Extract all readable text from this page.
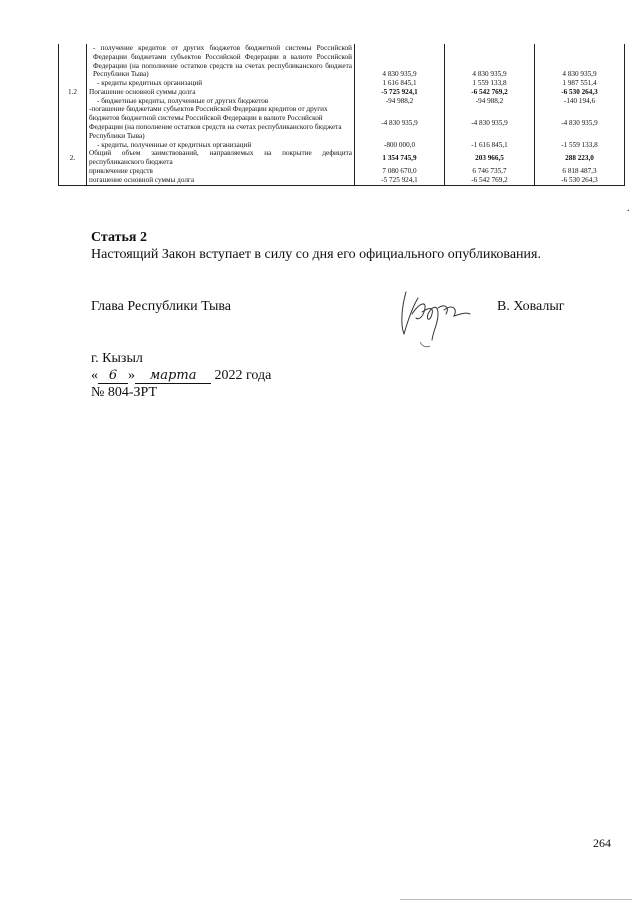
	- получение кредитов от других бюджетов бюджетной системы Российской Федерации бюджетами субъектов Российской Федерации в валюте Российской Федерации (на пополнение остатков средств на счетах республиканского бюджета Республики Тыва)	4 830 935,9	4 830 935,9	4 830 935,9
	- кредиты кредитных организаций	1 616 845,1	1 559 133,8	1 987 551,4
1.2	Погашение основной суммы долга	-5 725 924,1	-6 542 769,2	-6 530 264,3
	- бюджетные кредиты, полученные от других бюджетов	-94 988,2	-94 988,2	-140 194,6
	-погашение бюджетами субъектов Российской Федерации кредитов от других бюджетов бюджетной системы Российской Федерации в валюте Российской Федерации (на пополнение остатков средств на счетах республиканского бюджета Республики Тыва)	-4 830 935,9	-4 830 935,9	-4 830 935,9
	- кредиты, полученные от кредитных организаций	-800 000,0	-1 616 845,1	-1 559 133,8
2.	Общий объем заимствований, направляемых на покрытие дефицита республиканского бюджета	1 354 745,9	203 966,5	288 223,0
	привлечение средств	7 080 670,0	6 746 735,7	6 818 487,3
	погашение основной суммы долга	-5 725 924,1	-6 542 769,2	-6 530 264,3
.
Статья 2
Настоящий Закон вступает в силу со дня его официального опубликования.
Глава Республики Тыва	В. Ховалыг
г. Кызыл
« 6 » марта 2022 года
№ 804-ЗРТ
264
